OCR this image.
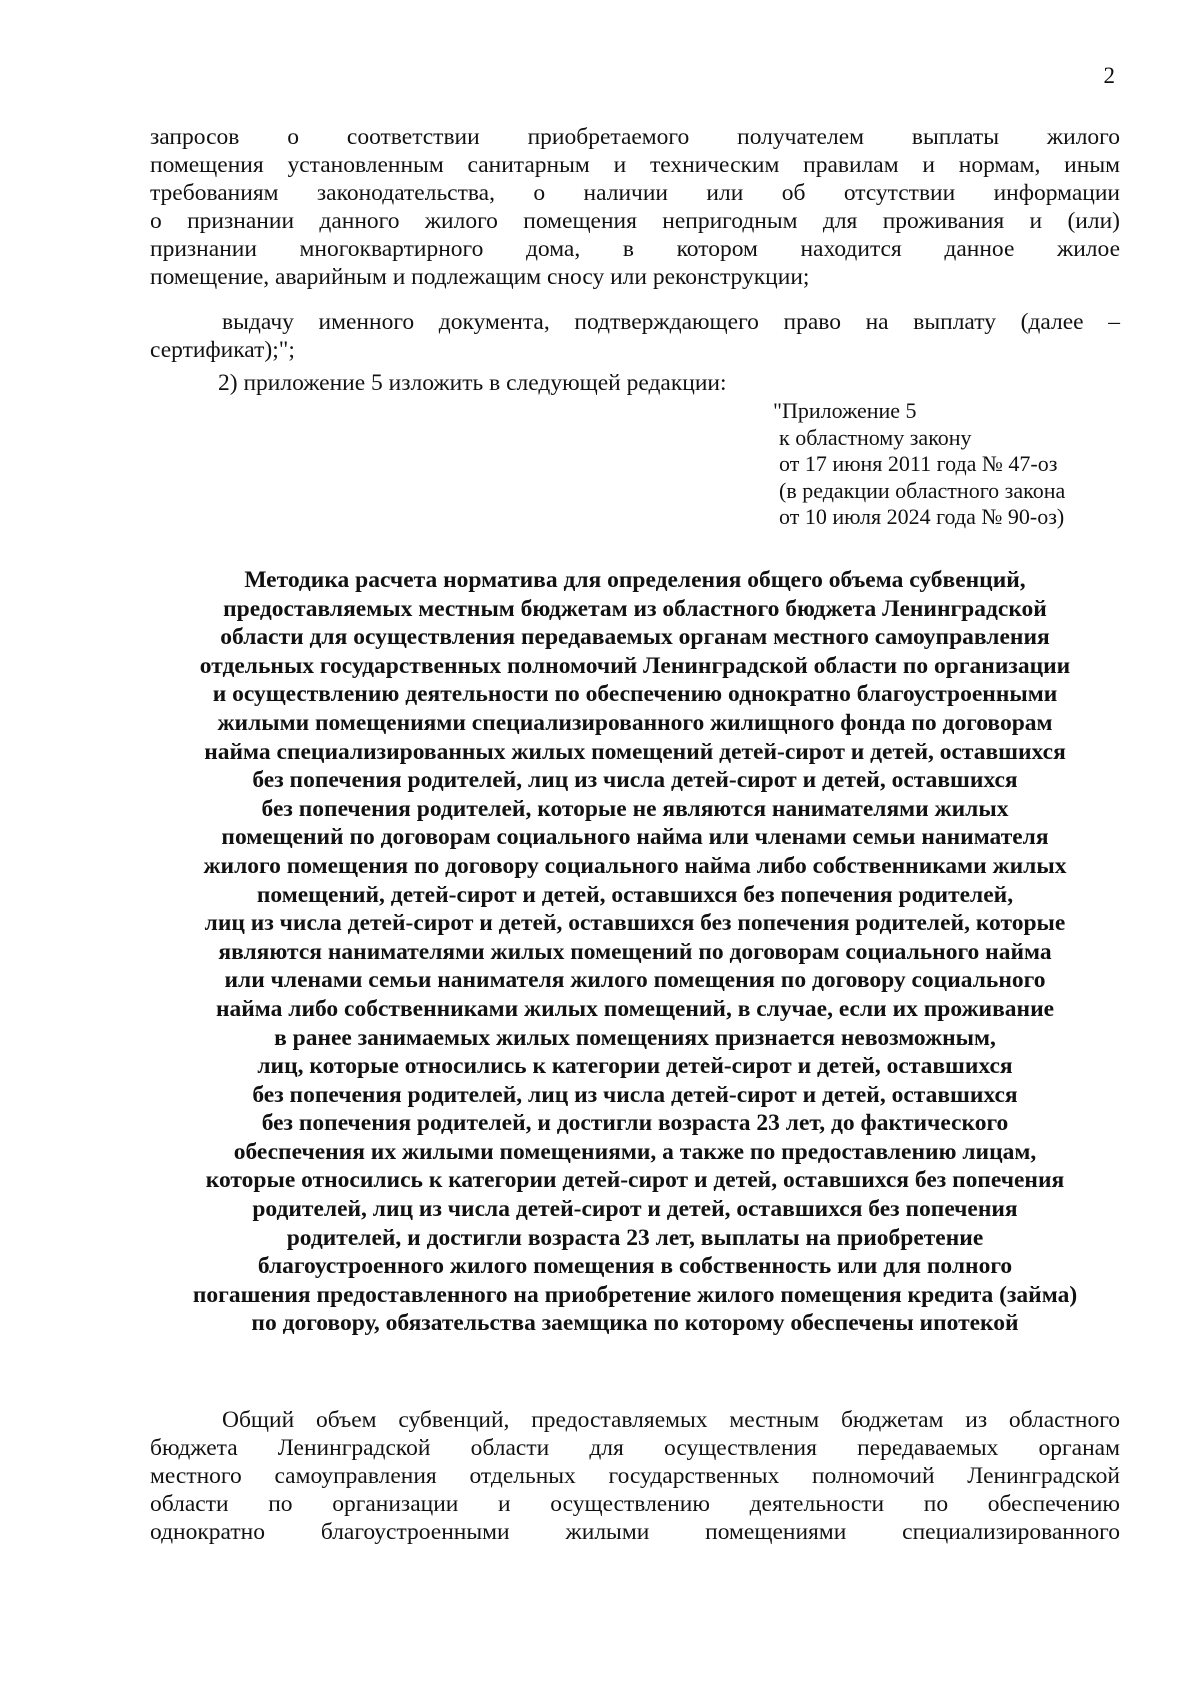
2
запросов о соответствии приобретаемого получателем выплаты жилого
помещения установленным санитарным и техническим правилам и нормам, иным
требованиям законодательства, о наличии или об отсутствии информации
о признании данного жилого помещения непригодным для проживания и (или)
признании многоквартирного дома, в котором находится данное жилое
помещение, аварийным и подлежащим сносу или реконструкции;
выдачу именного документа, подтверждающего право на выплату (далее –
сертификат);";
2) приложение 5 изложить в следующей редакции:
"Приложение 5
к областному закону
от 17 июня 2011 года № 47-оз
(в редакции областного закона
от 10 июля 2024 года № 90-оз)
Методика расчета норматива для определения общего объема субвенций,
предоставляемых местным бюджетам из областного бюджета Ленинградской
области для осуществления передаваемых органам местного самоуправления
отдельных государственных полномочий Ленинградской области по организации
и осуществлению деятельности по обеспечению однократно благоустроенными
жилыми помещениями специализированного жилищного фонда по договорам
найма специализированных жилых помещений детей-сирот и детей, оставшихся
без попечения родителей, лиц из числа детей-сирот и детей, оставшихся
без попечения родителей, которые не являются нанимателями жилых
помещений по договорам социального найма или членами семьи нанимателя
жилого помещения по договору социального найма либо собственниками жилых
помещений, детей-сирот и детей, оставшихся без попечения родителей,
лиц из числа детей-сирот и детей, оставшихся без попечения родителей, которые
являются нанимателями жилых помещений по договорам социального найма
или членами семьи нанимателя жилого помещения по договору социального
найма либо собственниками жилых помещений, в случае, если их проживание
в ранее занимаемых жилых помещениях признается невозможным,
лиц, которые относились к категории детей-сирот и детей, оставшихся
без попечения родителей, лиц из числа детей-сирот и детей, оставшихся
без попечения родителей, и достигли возраста 23 лет, до фактического
обеспечения их жилыми помещениями, а также по предоставлению лицам,
которые относились к категории детей-сирот и детей, оставшихся без попечения
родителей, лиц из числа детей-сирот и детей, оставшихся без попечения
родителей, и достигли возраста 23 лет, выплаты на приобретение
благоустроенного жилого помещения в собственность или для полного
погашения предоставленного на приобретение жилого помещения кредита (займа)
по договору, обязательства заемщика по которому обеспечены ипотекой
Общий объем субвенций, предоставляемых местным бюджетам из областного
бюджета Ленинградской области для осуществления передаваемых органам
местного самоуправления отдельных государственных полномочий Ленинградской
области по организации и осуществлению деятельности по обеспечению
однократно благоустроенными жилыми помещениями специализированного
